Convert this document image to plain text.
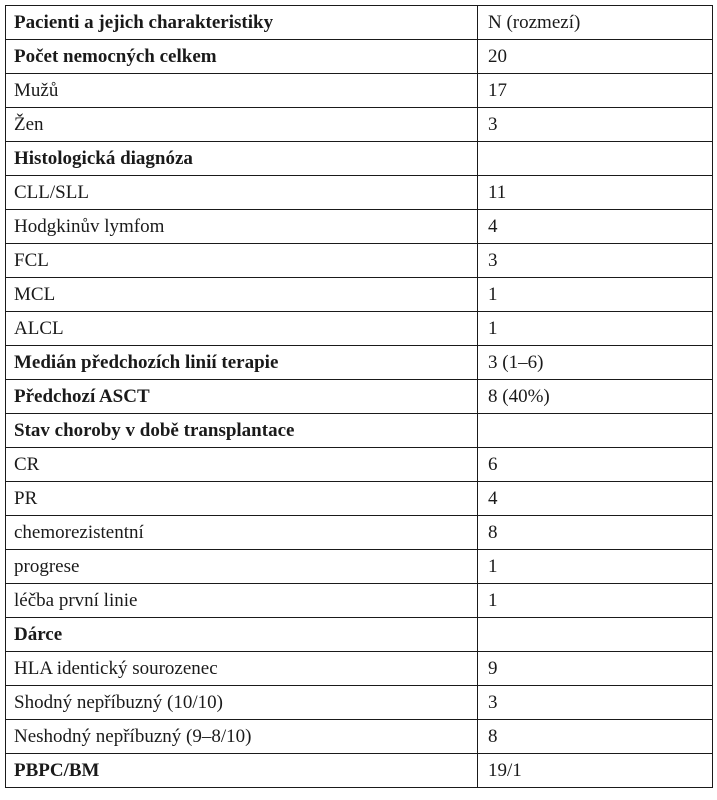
Pacienti a jejich charakteristiky	N (rozmezí)
Počet nemocných celkem	20
Mužů	17
Žen	3
Histologická diagnóza	
CLL/SLL	11
Hodgkinův lymfom	4
FCL	3
MCL	1
ALCL	1
Medián předchozích linií terapie	3 (1–6)
Předchozí ASCT	8 (40%)
Stav choroby v době transplantace	
CR	6
PR	4
chemorezistentní	8
progrese	1
léčba první linie	1
Dárce	
HLA identický sourozenec	9
Shodný nepříbuzný (10/10)	3
Neshodný nepříbuzný (9–8/10)	8
PBPC/BM	19/1
